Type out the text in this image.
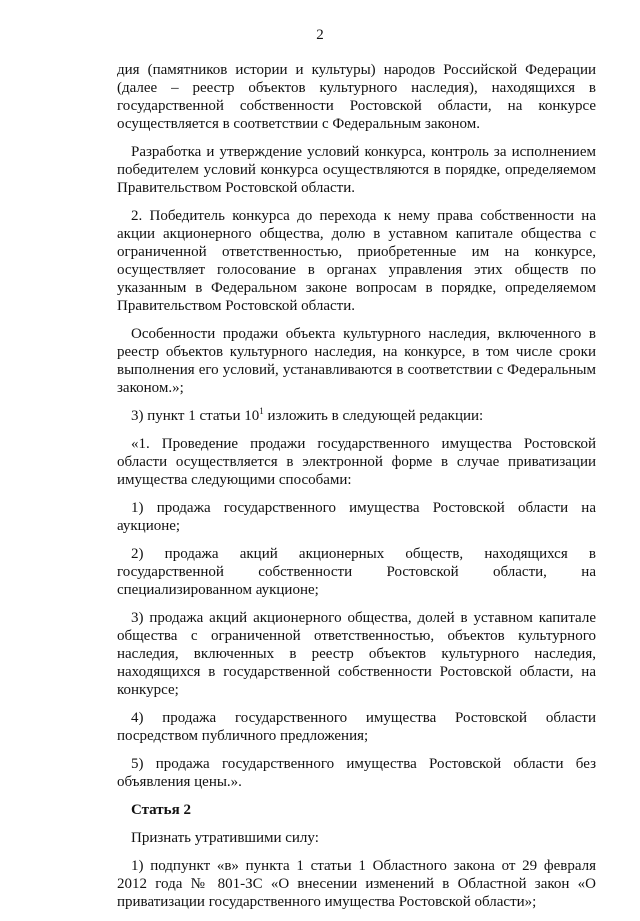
2

дия (памятников истории и культуры) народов Российской Федерации (далее – реестр объектов культурного наследия), находящихся в государственной собственности Ростовской области, на конкурсе осуществляется в соответствии с Федеральным законом.

Разработка и утверждение условий конкурса, контроль за исполнением победителем условий конкурса осуществляются в порядке, определяемом Правительством Ростовской области.

2. Победитель конкурса до перехода к нему права собственности на акции акционерного общества, долю в уставном капитале общества с ограниченной ответственностью, приобретенные им на конкурсе, осуществляет голосование в органах управления этих обществ по указанным в Федеральном законе вопросам в порядке, определяемом Правительством Ростовской области.

Особенности продажи объекта культурного наследия, включенного в реестр объектов культурного наследия, на конкурсе, в том числе сроки выполнения его условий, устанавливаются в соответствии с Федеральным законом.»;

3) пункт 1 статьи $10^1$ изложить в следующей редакции:

«1. Проведение продажи государственного имущества Ростовской области осуществляется в электронной форме в случае приватизации имущества следующими способами:

1) продажа государственного имущества Ростовской области на аукционе;

2) продажа акций акционерных обществ, находящихся в государственной собственности Ростовской области, на специализированном аукционе;

3) продажа акций акционерного общества, долей в уставном капитале общества с ограниченной ответственностью, объектов культурного наследия, включенных в реестр объектов культурного наследия, находящихся в государственной собственности Ростовской области, на конкурсе;

4) продажа государственного имущества Ростовской области посредством публичного предложения;

5) продажа государственного имущества Ростовской области без объявления цены.».

Статья 2

Признать утратившими силу:

1) подпункт «в» пункта 1 статьи 1 Областного закона от 29 февраля 2012 года № 801-ЗС «О внесении изменений в Областной закон «О приватизации государственного имущества Ростовской области»;
